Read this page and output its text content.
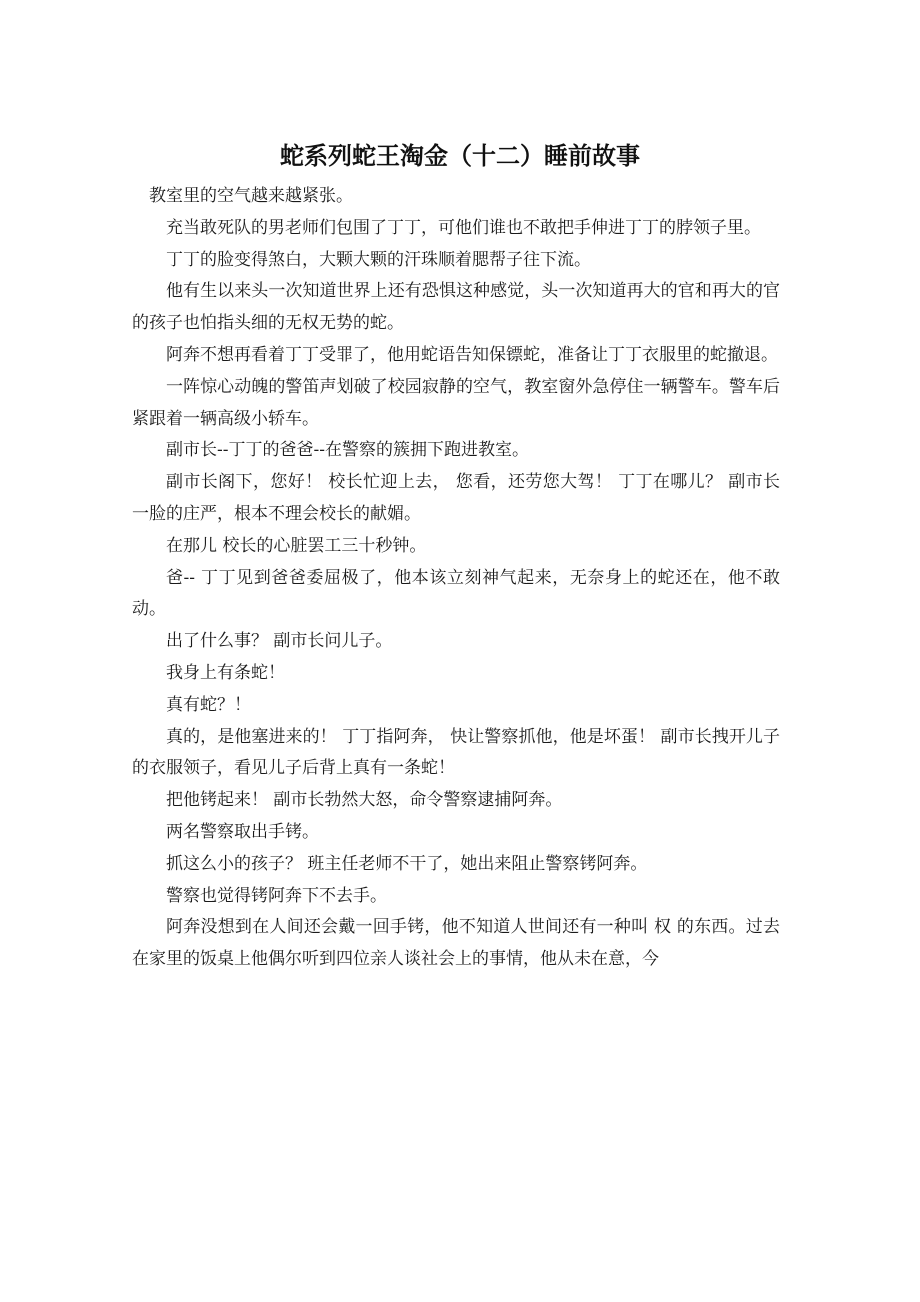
蛇系列蛇王淘金（十二）睡前故事

教室里的空气越来越紧张。

充当敢死队的男老师们包围了丁丁，可他们谁也不敢把手伸进丁丁的脖领子里。

丁丁的脸变得煞白，大颗大颗的汗珠顺着腮帮子往下流。

他有生以来头一次知道世界上还有恐惧这种感觉，头一次知道再大的官和再大的官的孩子也怕指头细的无权无势的蛇。

阿奔不想再看着丁丁受罪了，他用蛇语告知保镖蛇，准备让丁丁衣服里的蛇撤退。

一阵惊心动魄的警笛声划破了校园寂静的空气，教室窗外急停住一辆警车。警车后紧跟着一辆高级小轿车。

副市长--丁丁的爸爸--在警察的簇拥下跑进教室。

副市长阁下，您好！ 校长忙迎上去， 您看，还劳您大驾！ 丁丁在哪儿？ 副市长一脸的庄严，根本不理会校长的献媚。

在那儿 校长的心脏罢工三十秒钟。

爸-- 丁丁见到爸爸委屈极了，他本该立刻神气起来，无奈身上的蛇还在，他不敢动。

出了什么事？ 副市长问儿子。

我身上有条蛇！

真有蛇？！

真的，是他塞进来的！ 丁丁指阿奔， 快让警察抓他，他是坏蛋！ 副市长拽开儿子的衣服领子，看见儿子后背上真有一条蛇！

把他铐起来！ 副市长勃然大怒，命令警察逮捕阿奔。

两名警察取出手铐。

抓这么小的孩子？ 班主任老师不干了，她出来阻止警察铐阿奔。

警察也觉得铐阿奔下不去手。

阿奔没想到在人间还会戴一回手铐，他不知道人世间还有一种叫 权 的东西。过去在家里的饭桌上他偶尔听到四位亲人谈社会上的事情，他从未在意，今
